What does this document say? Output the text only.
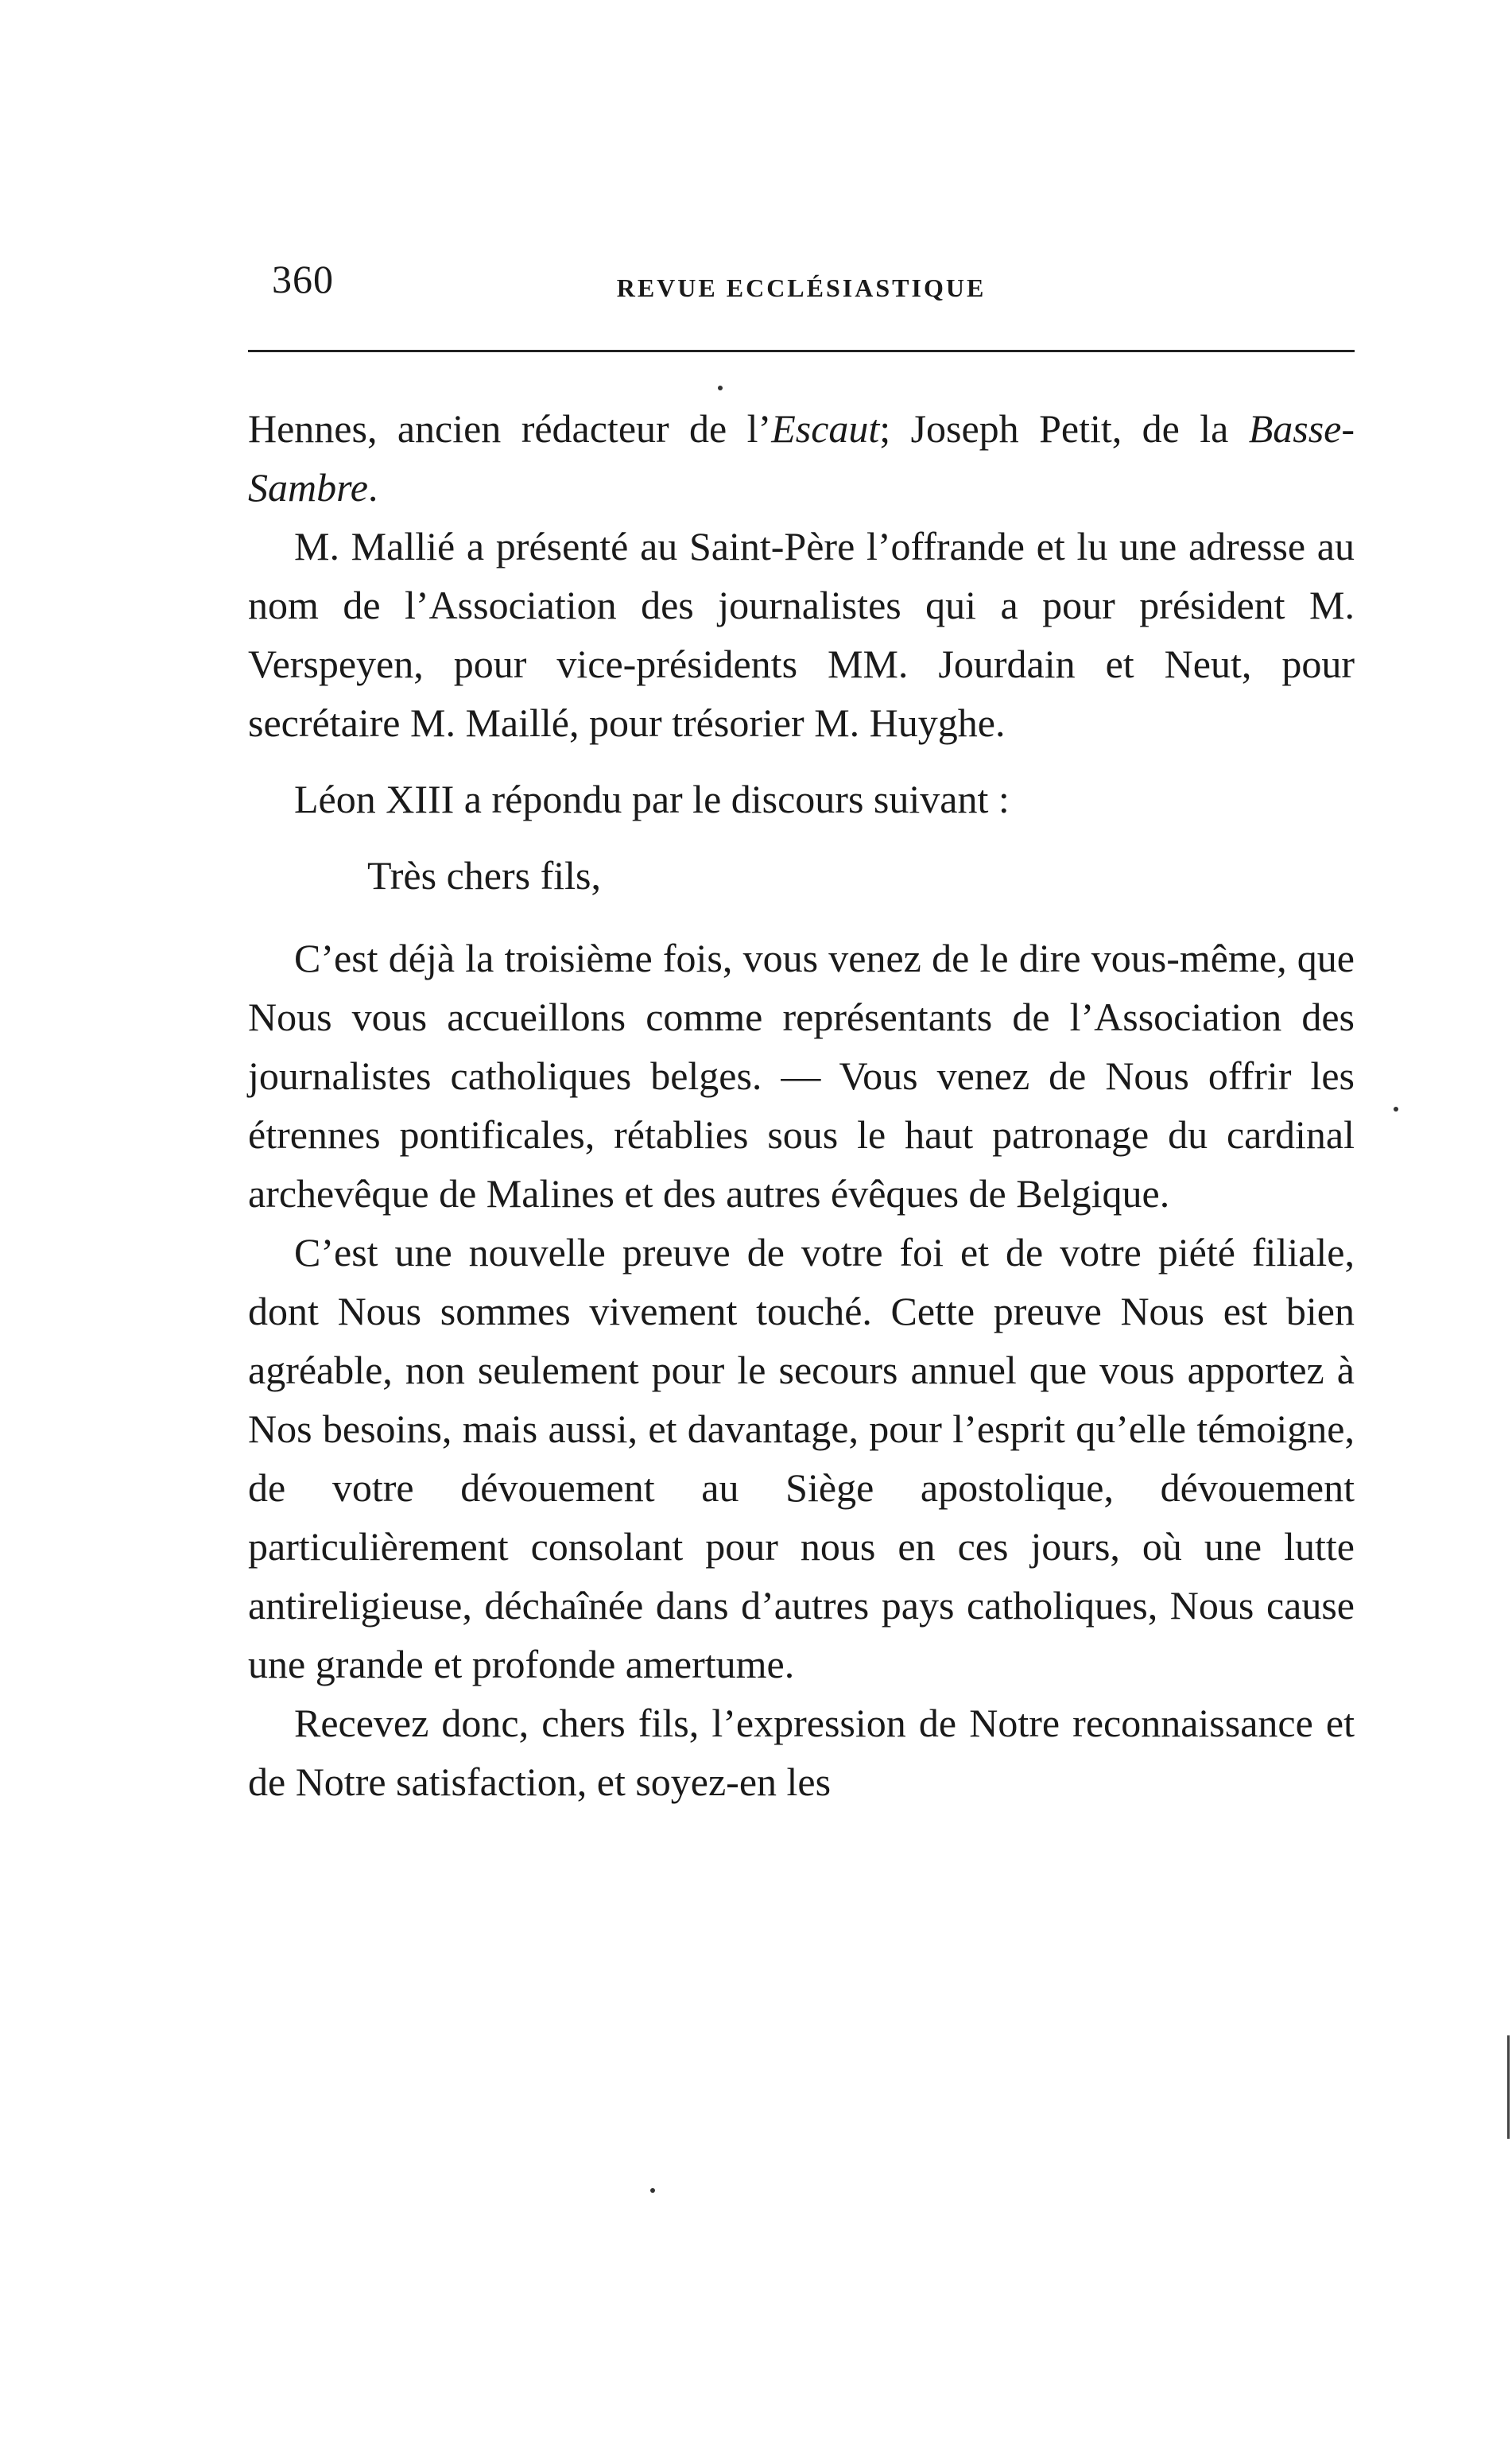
360	REVUE ECCLÉSIASTIQUE

Hennes, ancien rédacteur de l’Escaut; Joseph Petit, de la Basse-Sambre.

M. Mallié a présenté au Saint-Père l’offrande et lu une adresse au nom de l’Association des journalistes qui a pour président M. Verspeyen, pour vice-présidents MM. Jourdain et Neut, pour secrétaire M. Maillé, pour trésorier M. Huyghe.

Léon XIII a répondu par le discours suivant :

Très chers fils,

C’est déjà la troisième fois, vous venez de le dire vous-même, que Nous vous accueillons comme représentants de l’Association des journalistes catholiques belges. — Vous venez de Nous offrir les étrennes pontificales, rétablies sous le haut patronage du cardinal archevêque de Malines et des autres évêques de Belgique.

C’est une nouvelle preuve de votre foi et de votre piété filiale, dont Nous sommes vivement touché. Cette preuve Nous est bien agréable, non seulement pour le secours annuel que vous apportez à Nos besoins, mais aussi, et davantage, pour l’esprit qu’elle témoigne, de votre dévouement au Siège apostolique, dévouement particulièrement consolant pour nous en ces jours, où une lutte antireligieuse, déchaînée dans d’autres pays catholiques, Nous cause une grande et profonde amertume.

Recevez donc, chers fils, l’expression de Notre reconnaissance et de Notre satisfaction, et soyez-en les
